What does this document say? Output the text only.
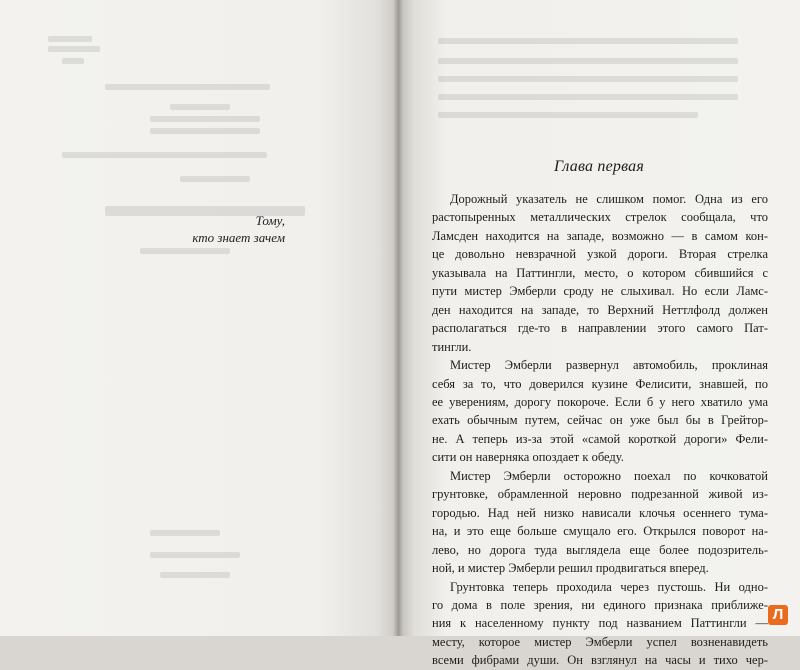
Тому,
кто знает зачем
Глава первая
Дорожный указатель не слишком помог. Одна из его
растопыренных металлических стрелок сообщала, что
Ламсден находится на западе, возможно — в самом кон-
це довольно невзрачной узкой дороги. Вторая стрелка
указывала на Паттингли, место, о котором сбившийся с
пути мистер Эмберли сроду не слыхивал. Но если Ламс-
ден находится на западе, то Верхний Неттлфолд должен
располагаться где-то в направлении этого самого Пат-
тингли.
Мистер Эмберли развернул автомобиль, проклиная
себя за то, что доверился кузине Фелисити, знавшей, по
ее уверениям, дорогу покороче. Если б у него хватило ума
ехать обычным путем, сейчас он уже был бы в Грейтор-
не. А теперь из-за этой «самой короткой дороги» Фели-
сити он наверняка опоздает к обеду.
Мистер Эмберли осторожно поехал по кочковатой
грунтовке, обрамленной неровно подрезанной живой из-
городью. Над ней низко нависали клочья осеннего тума-
на, и это еще больше смущало его. Открылся поворот на-
лево, но дорога туда выглядела еще более подозритель-
ной, и мистер Эмберли решил продвигаться вперед.
Грунтовка теперь проходила через пустошь. Ни одно-
го дома в поле зрения, ни единого признака приближе-
ния к населенному пункту под названием Паттингли —
месту, которое мистер Эмберли успел возненавидеть
всеми фибрами души. Он взглянул на часы и тихо чер-
Л
